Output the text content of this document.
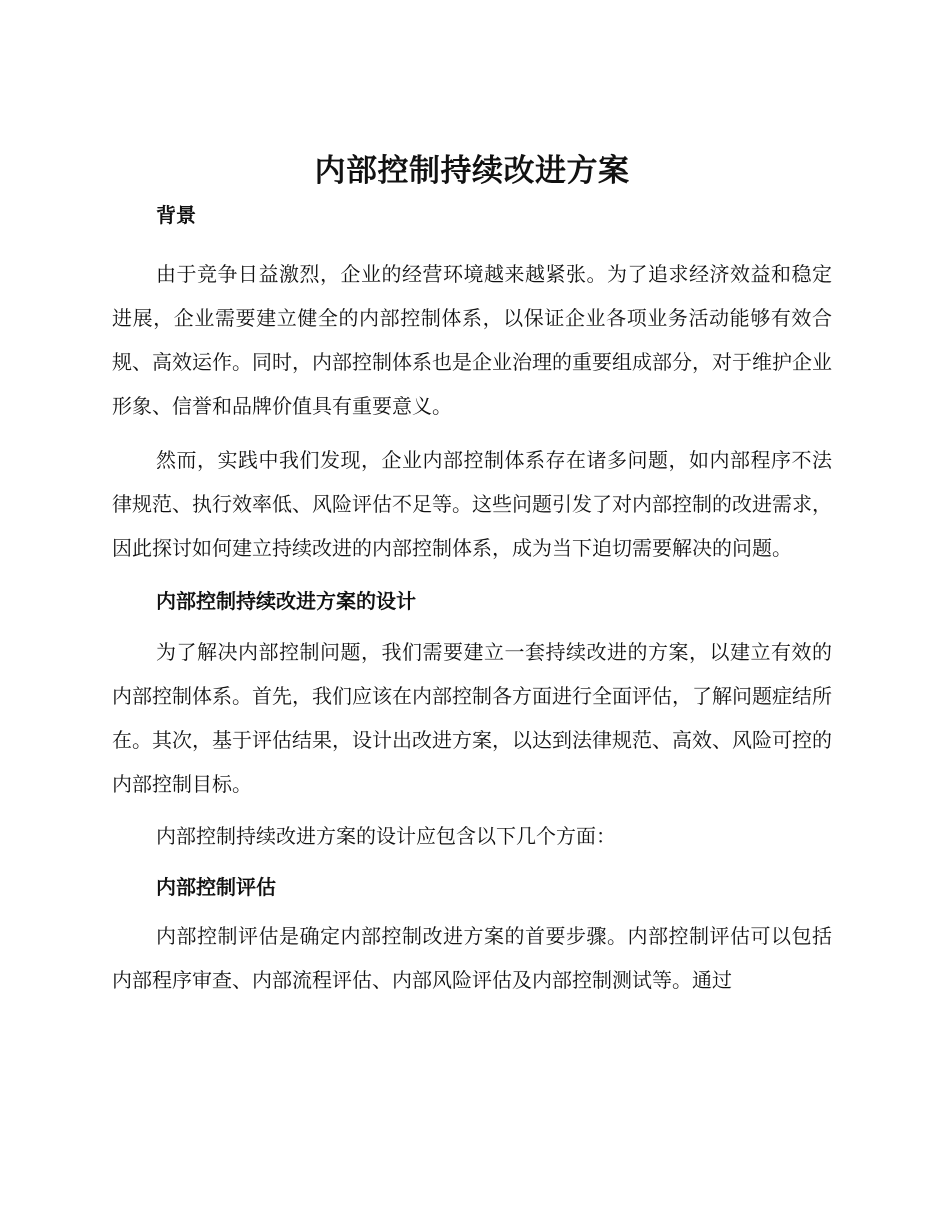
内部控制持续改进方案
背景

由于竞争日益激烈，企业的经营环境越来越紧张。为了追求经济效益和稳定进展，企业需要建立健全的内部控制体系，以保证企业各项业务活动能够有效合规、高效运作。同时，内部控制体系也是企业治理的重要组成部分，对于维护企业形象、信誉和品牌价值具有重要意义。

然而，实践中我们发现，企业内部控制体系存在诸多问题，如内部程序不法律规范、执行效率低、风险评估不足等。这些问题引发了对内部控制的改进需求，因此探讨如何建立持续改进的内部控制体系，成为当下迫切需要解决的问题。

内部控制持续改进方案的设计

为了解决内部控制问题，我们需要建立一套持续改进的方案，以建立有效的内部控制体系。首先，我们应该在内部控制各方面进行全面评估，了解问题症结所在。其次，基于评估结果，设计出改进方案，以达到法律规范、高效、风险可控的内部控制目标。

内部控制持续改进方案的设计应包含以下几个方面：

内部控制评估

内部控制评估是确定内部控制改进方案的首要步骤。内部控制评估可以包括内部程序审查、内部流程评估、内部风险评估及内部控制测试等。通过
